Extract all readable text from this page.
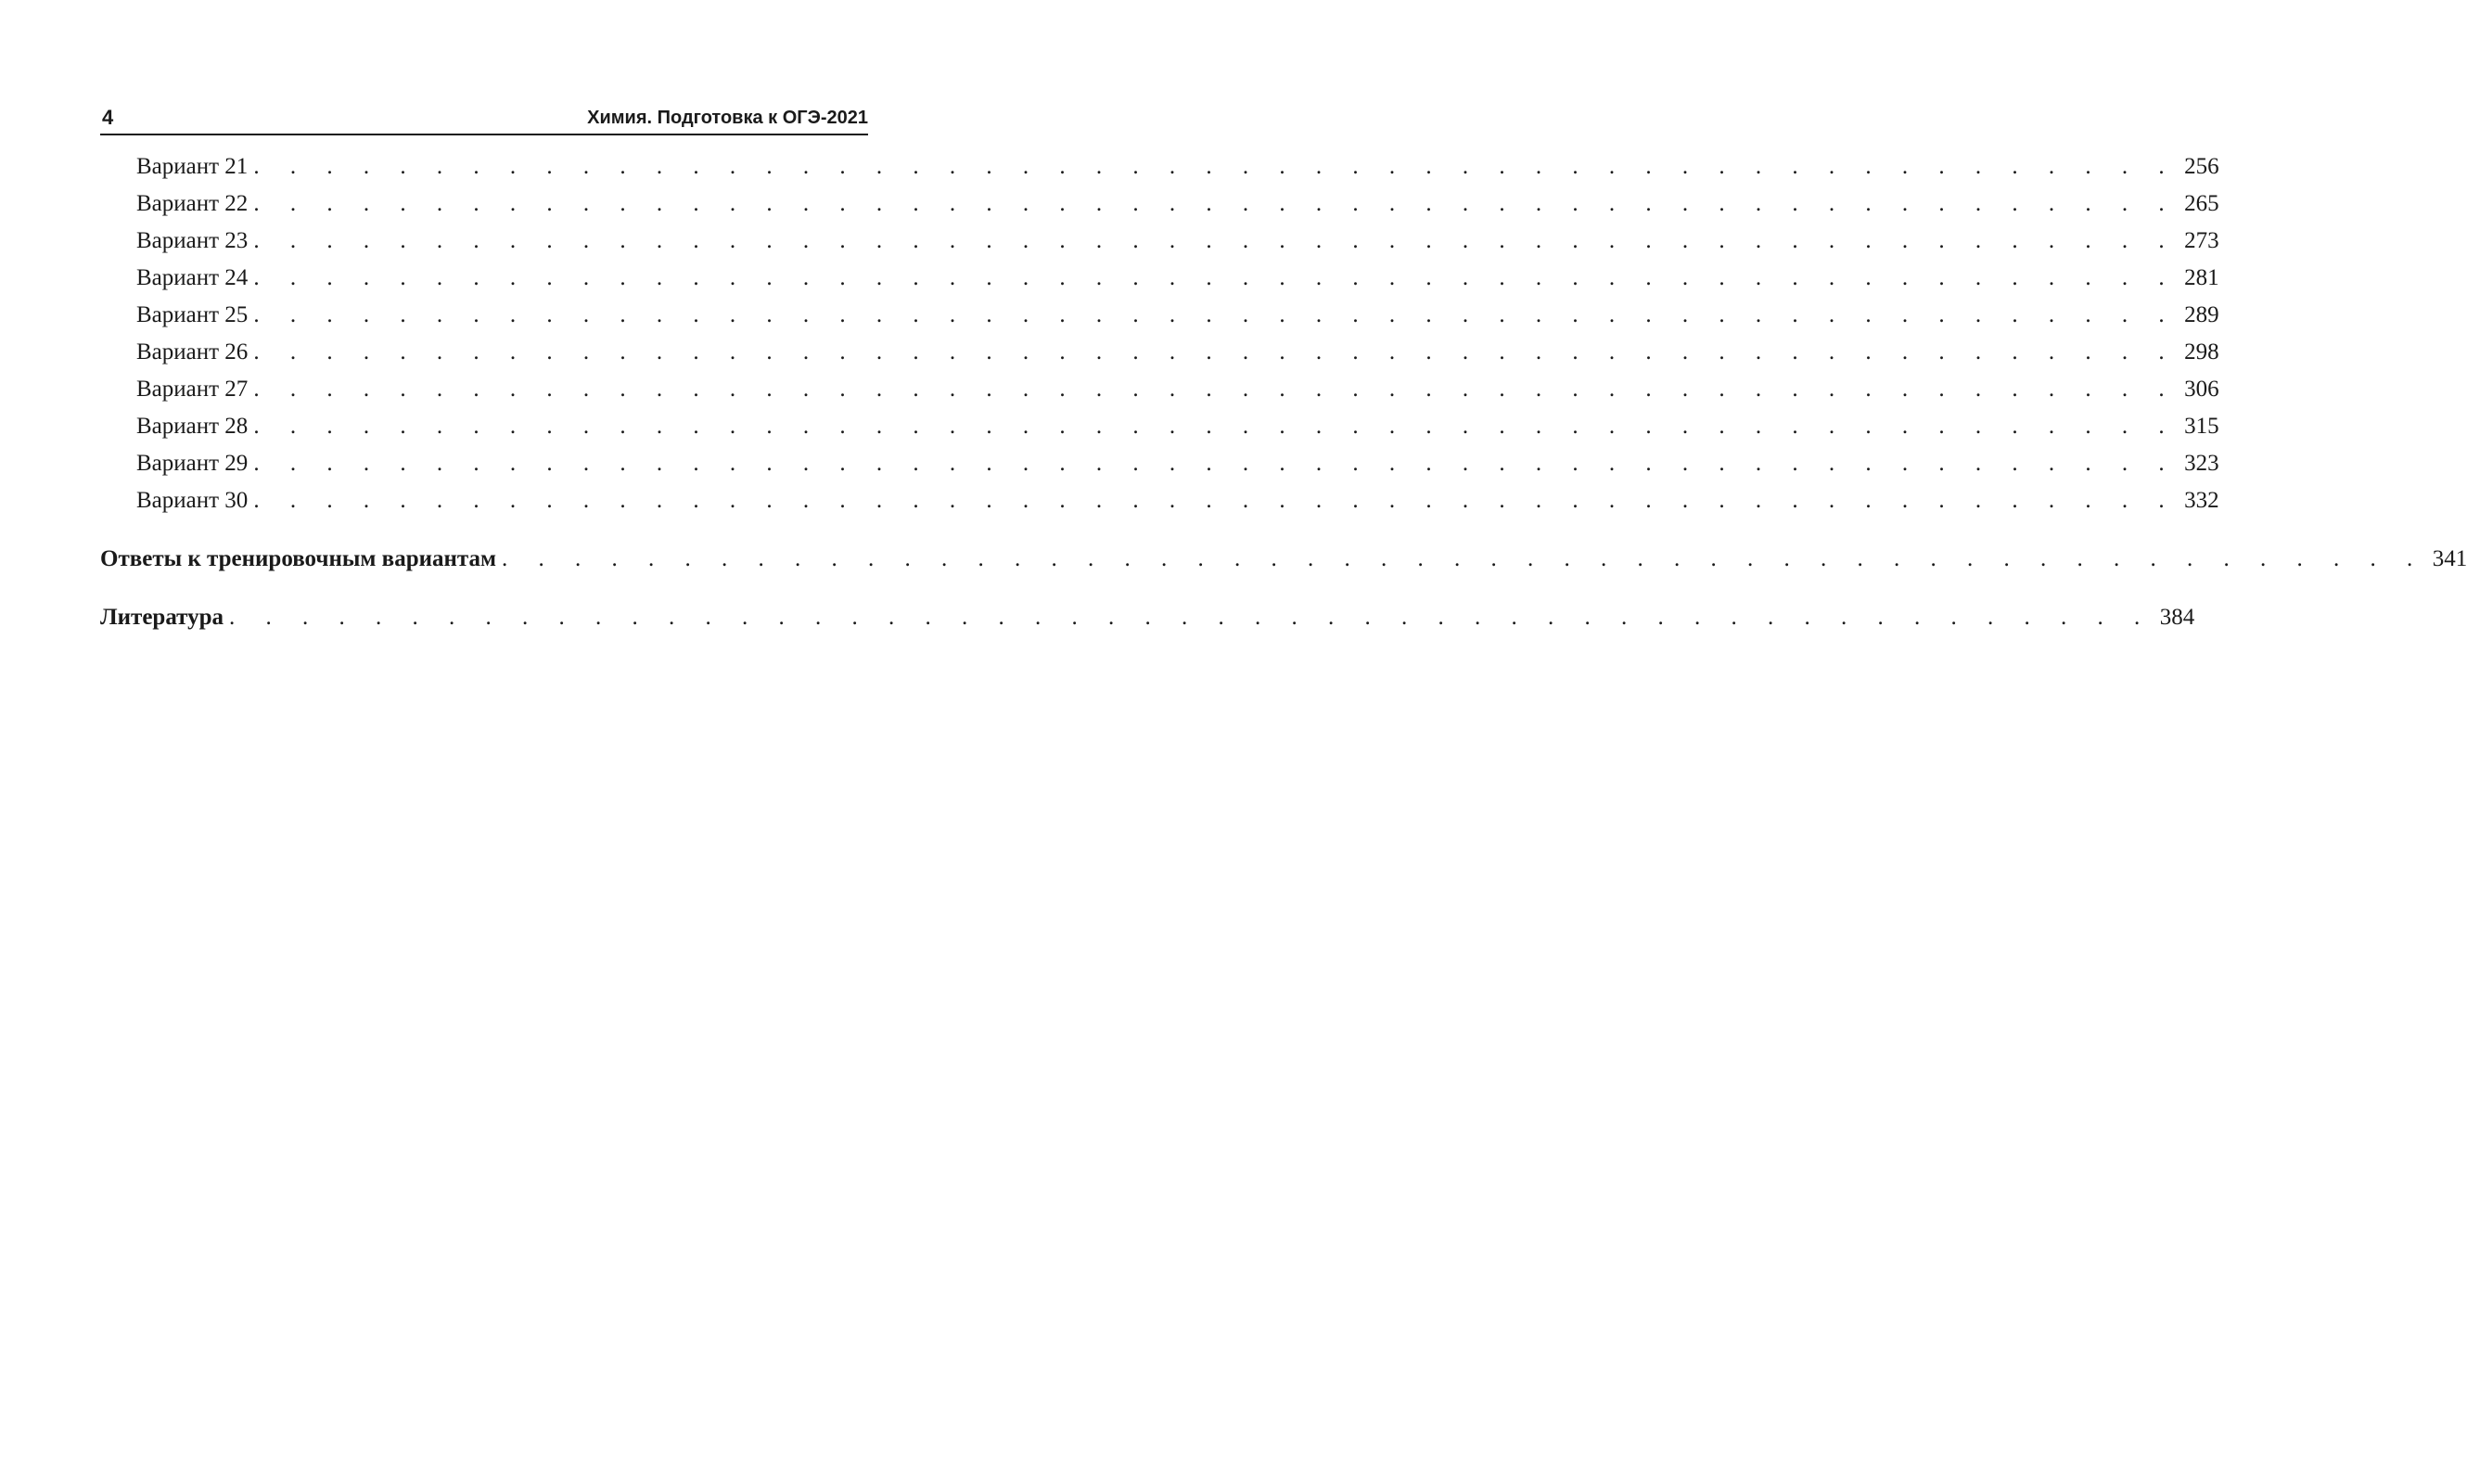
4	Химия. Подготовка к ОГЭ-2021
Вариант 21 . . . . . . . . . . . . . . . . . . . . . . . . . . . . . . . . . . . . . . . . . . . . . . . . . . . . . 256
Вариант 22 . . . . . . . . . . . . . . . . . . . . . . . . . . . . . . . . . . . . . . . . . . . . . . . . . . . . . 265
Вариант 23 . . . . . . . . . . . . . . . . . . . . . . . . . . . . . . . . . . . . . . . . . . . . . . . . . . . . . 273
Вариант 24 . . . . . . . . . . . . . . . . . . . . . . . . . . . . . . . . . . . . . . . . . . . . . . . . . . . . . 281
Вариант 25 . . . . . . . . . . . . . . . . . . . . . . . . . . . . . . . . . . . . . . . . . . . . . . . . . . . . . 289
Вариант 26 . . . . . . . . . . . . . . . . . . . . . . . . . . . . . . . . . . . . . . . . . . . . . . . . . . . . . 298
Вариант 27 . . . . . . . . . . . . . . . . . . . . . . . . . . . . . . . . . . . . . . . . . . . . . . . . . . . . . 306
Вариант 28 . . . . . . . . . . . . . . . . . . . . . . . . . . . . . . . . . . . . . . . . . . . . . . . . . . . . . 315
Вариант 29 . . . . . . . . . . . . . . . . . . . . . . . . . . . . . . . . . . . . . . . . . . . . . . . . . . . . . 323
Вариант 30 . . . . . . . . . . . . . . . . . . . . . . . . . . . . . . . . . . . . . . . . . . . . . . . . . . . . . 332
Ответы к тренировочным вариантам . . . . . . . . . . . . . . . . . . . . . . . . . . . . . . . . . . . . . . . . . . . . . . . . . . . . . 341
Литература . . . . . . . . . . . . . . . . . . . . . . . . . . . . . . . . . . . . . . . . . . . . . . . . . . . . . 384
